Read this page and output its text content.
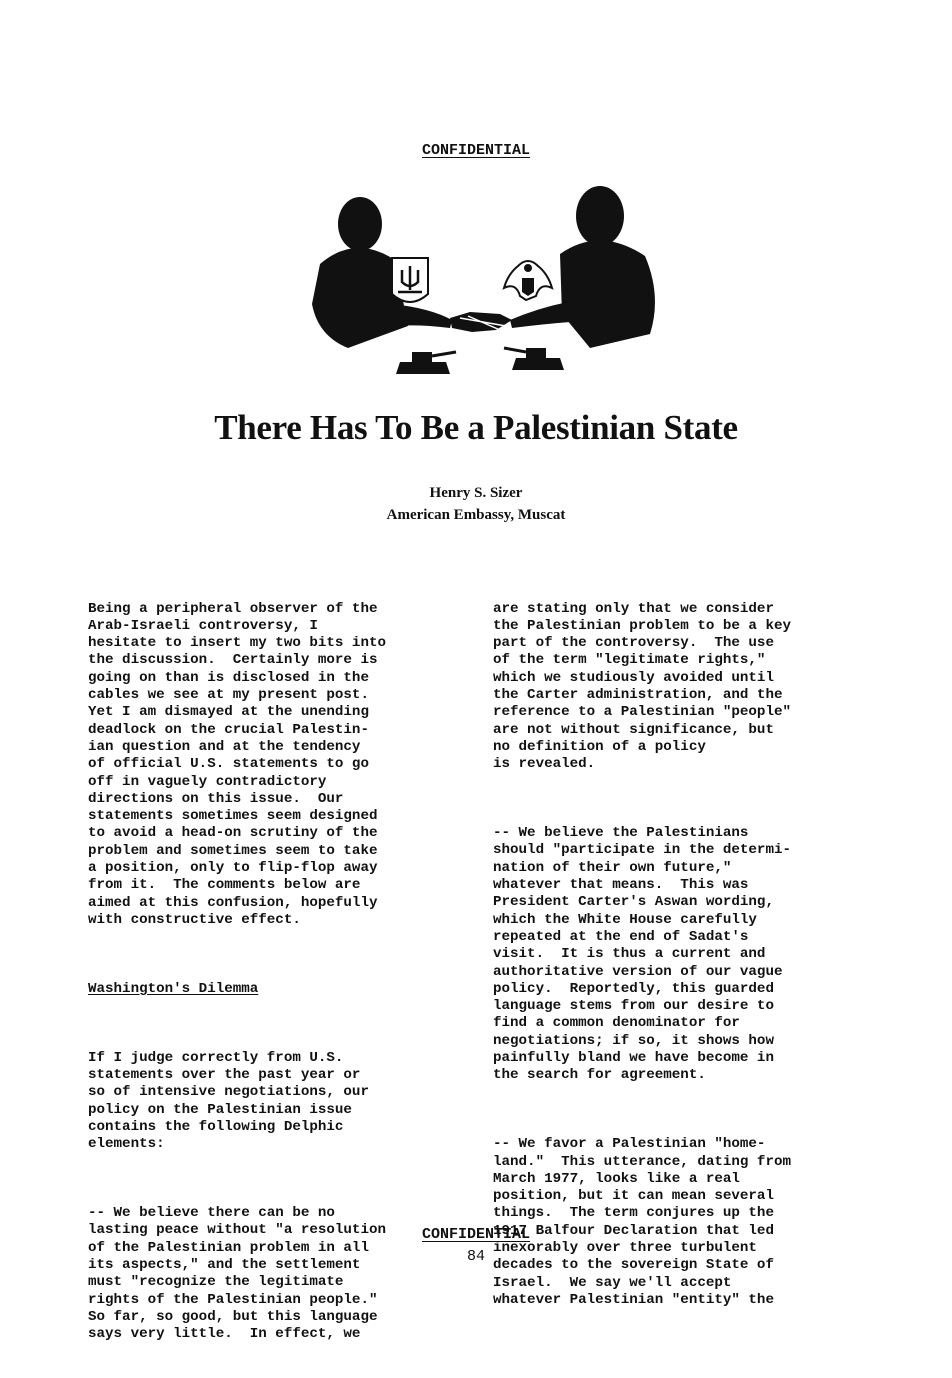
CONFIDENTIAL
There Has To Be a Palestinian State
Henry S. Sizer
American Embassy, Muscat

Being a peripheral observer of the
Arab-Israeli controversy, I
hesitate to insert my two bits into
the discussion.  Certainly more is
going on than is disclosed in the
cables we see at my present post.
Yet I am dismayed at the unending
deadlock on the crucial Palestin-
ian question and at the tendency
of official U.S. statements to go
off in vaguely contradictory
directions on this issue.  Our
statements sometimes seem designed
to avoid a head-on scrutiny of the
problem and sometimes seem to take
a position, only to flip-flop away
from it.  The comments below are
aimed at this confusion, hopefully
with constructive effect.

Washington's Dilemma

If I judge correctly from U.S.
statements over the past year or
so of intensive negotiations, our
policy on the Palestinian issue
contains the following Delphic
elements:

-- We believe there can be no
lasting peace without "a resolution
of the Palestinian problem in all
its aspects," and the settlement
must "recognize the legitimate
rights of the Palestinian people."
So far, so good, but this language
says very little.  In effect, we

are stating only that we consider
the Palestinian problem to be a key
part of the controversy.  The use
of the term "legitimate rights,"
which we studiously avoided until
the Carter administration, and the
reference to a Palestinian "people"
are not without significance, but
no definition of a policy
is revealed.

-- We believe the Palestinians
should "participate in the determi-
nation of their own future,"
whatever that means.  This was
President Carter's Aswan wording,
which the White House carefully
repeated at the end of Sadat's
visit.  It is thus a current and
authoritative version of our vague
policy.  Reportedly, this guarded
language stems from our desire to
find a common denominator for
negotiations; if so, it shows how
painfully bland we have become in
the search for agreement.

-- We favor a Palestinian "home-
land."  This utterance, dating from
March 1977, looks like a real
position, but it can mean several
things.  The term conjures up the
1917 Balfour Declaration that led
inexorably over three turbulent
decades to the sovereign State of
Israel.  We say we'll accept
whatever Palestinian "entity" the

CONFIDENTIAL
84
